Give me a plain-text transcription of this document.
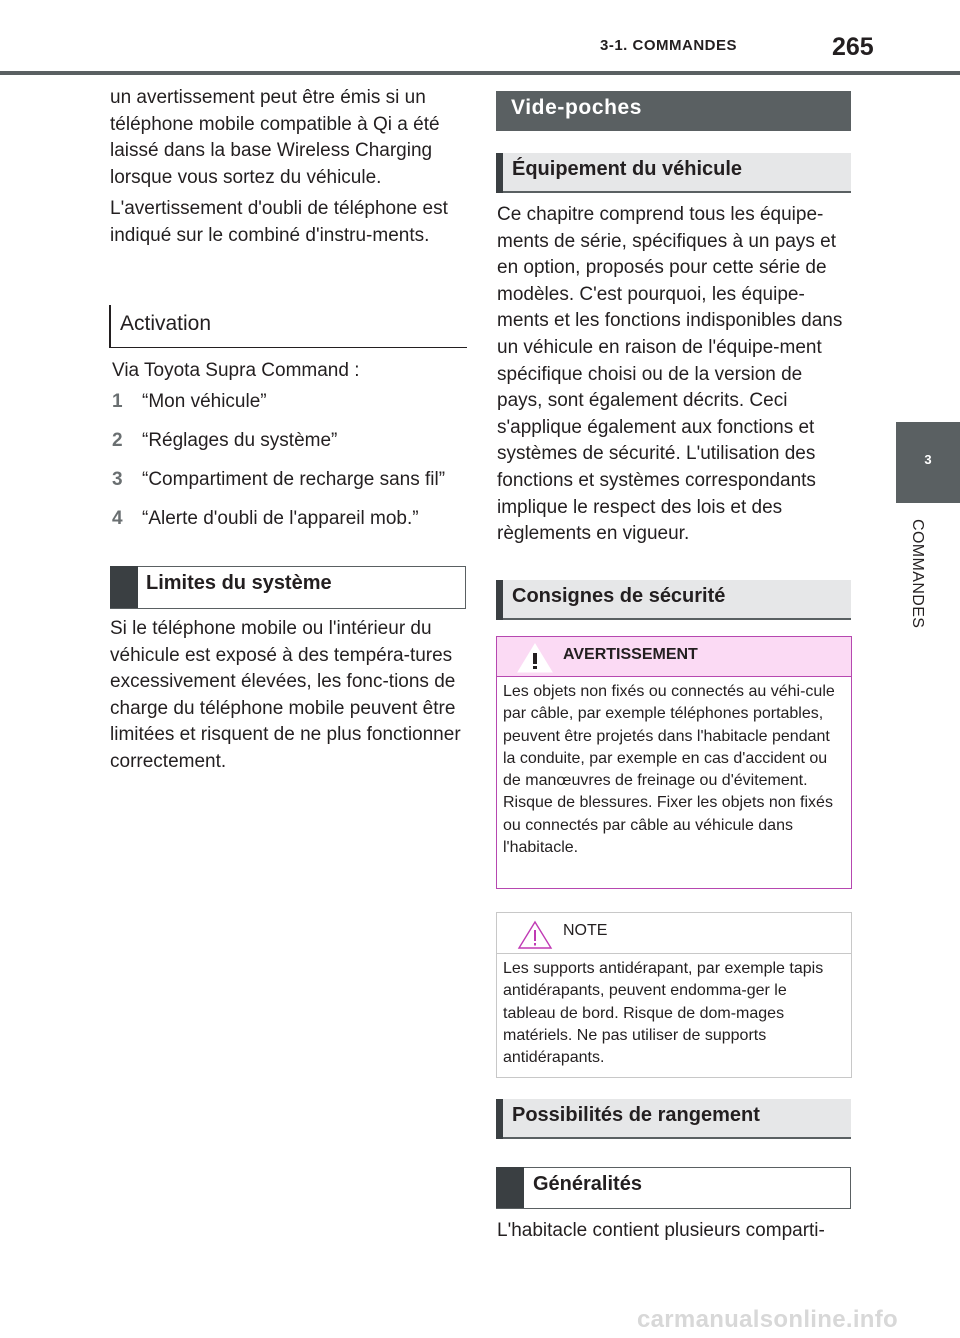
3-1. COMMANDES	265
3
COMMANDES

un avertissement peut être émis si un téléphone mobile compatible à Qi a été laissé dans la base Wireless Charging lorsque vous sortez du véhicule.

L'avertissement d'oubli de téléphone est indiqué sur le combiné d'instru-ments.

Activation
Via Toyota Supra Command :
1 “Mon véhicule”
2 “Réglages du système”
3 “Compartiment de recharge sans fil”
4 “Alerte d'oubli de l'appareil mob.”
Limites du système

Si le téléphone mobile ou l'intérieur du véhicule est exposé à des tempéra-tures excessivement élevées, les fonc-tions de charge du téléphone mobile peuvent être limitées et risquent de ne plus fonctionner correctement.

Vide-poches
Équipement du véhicule

Ce chapitre comprend tous les équipe-ments de série, spécifiques à un pays et en option, proposés pour cette série de modèles. C'est pourquoi, les équipe-ments et les fonctions indisponibles dans un véhicule en raison de l'équipe-ment spécifique choisi ou de la version de pays, sont également décrits. Ceci s'applique également aux fonctions et systèmes de sécurité. L'utilisation des fonctions et systèmes correspondants implique le respect des lois et des règlements en vigueur.

Consignes de sécurité
AVERTISSEMENT
Les objets non fixés ou connectés au véhi-cule par câble, par exemple téléphones portables, peuvent être projetés dans l'habitacle pendant la conduite, par exemple en cas d'accident ou de manœuvres de freinage ou d'évitement. Risque de blessures. Fixer les objets non fixés ou connectés par câble au véhicule dans l'habitacle.
NOTE
Les supports antidérapant, par exemple tapis antidérapants, peuvent endomma-ger le tableau de bord. Risque de dom-mages matériels. Ne pas utiliser de supports antidérapants.
Possibilités de rangement
Généralités
L'habitacle contient plusieurs comparti-
carmanualsonline.info
